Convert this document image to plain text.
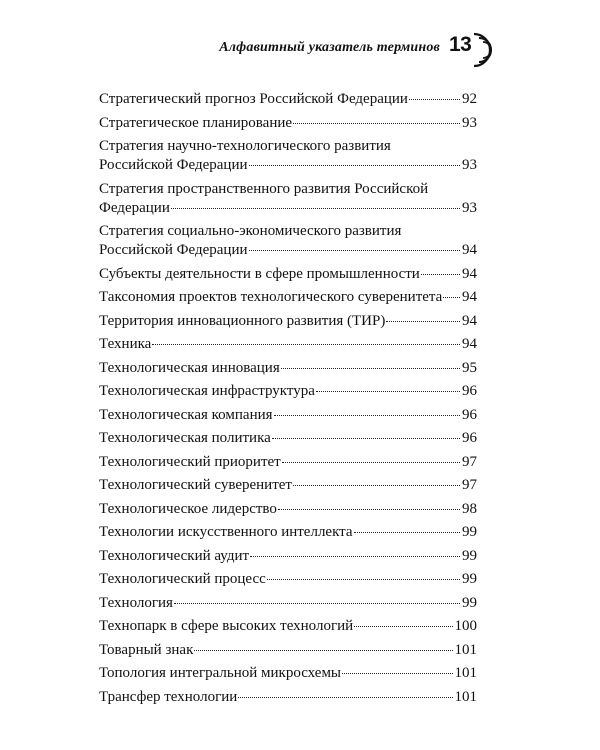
Алфавитный указатель терминов 13
Стратегический прогноз Российской Федерации	92
Стратегическое планирование	93
Стратегия научно-технологического развития
Российской Федерации	93
Стратегия пространственного развития Российской
Федерации	93
Стратегия социально-экономического развития
Российской Федерации	94
Субъекты деятельности в сфере промышленности	94
Таксономия проектов технологического суверенитета 94
Территория инновационного развития (ТИР)	94
Техника	94
Технологическая инновация	95
Технологическая инфраструктура	96
Технологическая компания	96
Технологическая политика	96
Технологический приоритет	97
Технологический суверенитет	97
Технологическое лидерство	98
Технологии искусственного интеллекта	99
Технологический аудит	99
Технологический процесс	99
Технология	99
Технопарк в сфере высоких технологий	100
Товарный знак	101
Топология интегральной микросхемы	101
Трансфер технологии	101
